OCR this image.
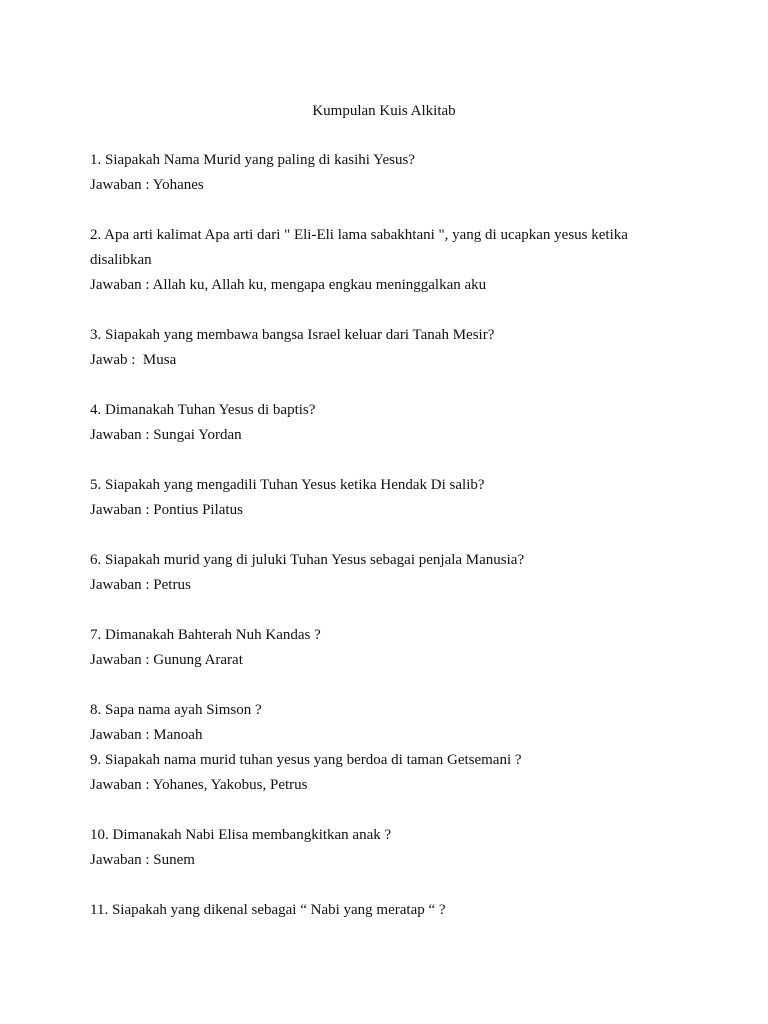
Kumpulan Kuis Alkitab

1. Siapakah Nama Murid yang paling di kasihi Yesus?

Jawaban : Yohanes

2. Apa arti kalimat Apa arti dari " Eli-Eli lama sabakhtani ", yang di ucapkan yesus ketika disalibkan

Jawaban : Allah ku, Allah ku, mengapa engkau meninggalkan aku

3. Siapakah yang membawa bangsa Israel keluar dari Tanah Mesir?

Jawab :  Musa

4. Dimanakah Tuhan Yesus di baptis?

Jawaban : Sungai Yordan

5. Siapakah yang mengadili Tuhan Yesus ketika Hendak Di salib?

Jawaban : Pontius Pilatus

6. Siapakah murid yang di juluki Tuhan Yesus sebagai penjala Manusia?

Jawaban : Petrus

7. Dimanakah Bahterah Nuh Kandas ?

Jawaban : Gunung Ararat

8. Sapa nama ayah Simson ?

Jawaban : Manoah

9. Siapakah nama murid tuhan yesus yang berdoa di taman Getsemani ?

Jawaban : Yohanes, Yakobus, Petrus

10. Dimanakah Nabi Elisa membangkitkan anak ?

Jawaban : Sunem

11. Siapakah yang dikenal sebagai “ Nabi yang meratap “ ?
